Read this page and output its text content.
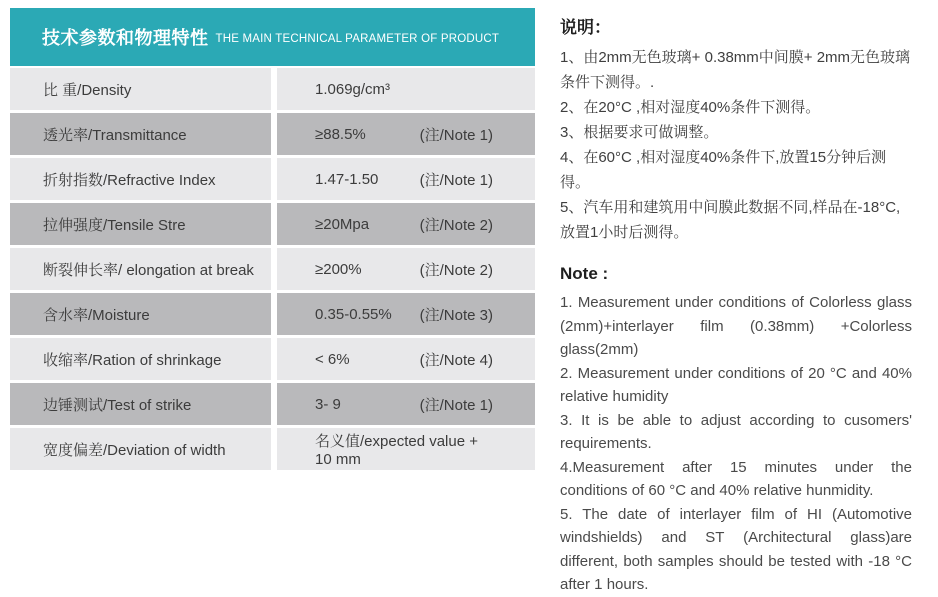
技术参数和物理特性 THE MAIN TECHNICAL PARAMETER OF PRODUCT
比 重/Density	1.069g/cm³
透光率/Transmittance	≥88.5%	(注/Note 1)
折射指数/Refractive Index	1.47-1.50	(注/Note 1)
拉伸强度/Tensile Stre	≥20Mpa	(注/Note 2)
断裂伸长率/ elongation at break	≥200%	(注/Note 2)
含水率/Moisture	0.35-0.55% (注/Note 3)
收缩率/Ration of shrinkage	< 6%	(注/Note 4)
边锤测试/Test of strike	3- 9	(注/Note 1)
宽度偏差/Deviation of width	名义值/expected value + 10 mm
说明：
1、由2mm无色玻璃+ 0.38mm中间膜+ 2mm无色玻璃条件下测得。.
2、在20°C ,相对湿度40%条件下测得。
3、根据要求可做调整。
4、在60°C ,相对湿度40%条件下,放置15分钟后测得。
5、汽车用和建筑用中间膜此数据不同,样品在-18°C, 放置1小时后测得。
Note :
1. Measurement under conditions of Colorless glass (2mm)+interlayer film (0.38mm) +Colorless glass(2mm)
2. Measurement under conditions of 20 °C and 40% relative humidity
3. It is be able to adjust according to cusomers' requirements.
4.Measurement after 15 minutes under the conditions of 60 °C and 40% relative hunmidity.
5. The date of interlayer film of HI (Automotive windshields) and ST (Architectural glass)are different, both samples should be tested with -18 °C after 1 hours.
